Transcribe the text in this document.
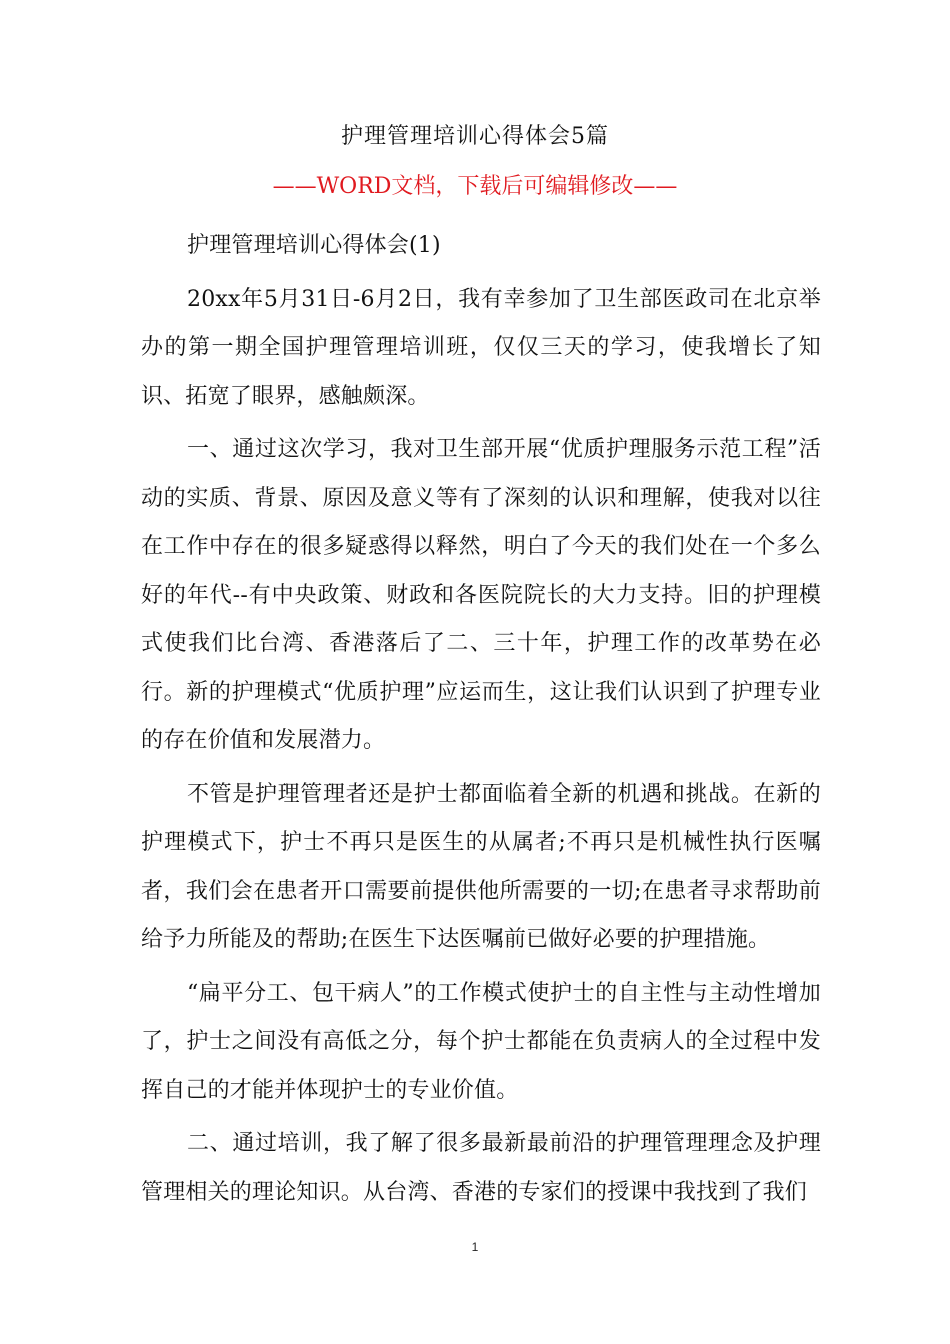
护理管理培训心得体会5篇
——WORD文档，下载后可编辑修改——

护理管理培训心得体会(1)

20xx年5月31日-6月2日，我有幸参加了卫生部医政司在北京举办的第一期全国护理管理培训班，仅仅三天的学习，使我增长了知识、拓宽了眼界，感触颇深。

一、通过这次学习，我对卫生部开展“优质护理服务示范工程”活动的实质、背景、原因及意义等有了深刻的认识和理解，使我对以往在工作中存在的很多疑惑得以释然，明白了今天的我们处在一个多么好的年代--有中央政策、财政和各医院院长的大力支持。旧的护理模式使我们比台湾、香港落后了二、三十年，护理工作的改革势在必行。新的护理模式“优质护理”应运而生，这让我们认识到了护理专业的存在价值和发展潜力。

不管是护理管理者还是护士都面临着全新的机遇和挑战。在新的护理模式下，护士不再只是医生的从属者;不再只是机械性执行医嘱者，我们会在患者开口需要前提供他所需要的一切;在患者寻求帮助前给予力所能及的帮助;在医生下达医嘱前已做好必要的护理措施。

“扁平分工、包干病人”的工作模式使护士的自主性与主动性增加了，护士之间没有高低之分，每个护士都能在负责病人的全过程中发挥自己的才能并体现护士的专业价值。

二、通过培训，我了解了很多最新最前沿的护理管理理念及护理管理相关的理论知识。从台湾、香港的专家们的授课中我找到了我们

1
